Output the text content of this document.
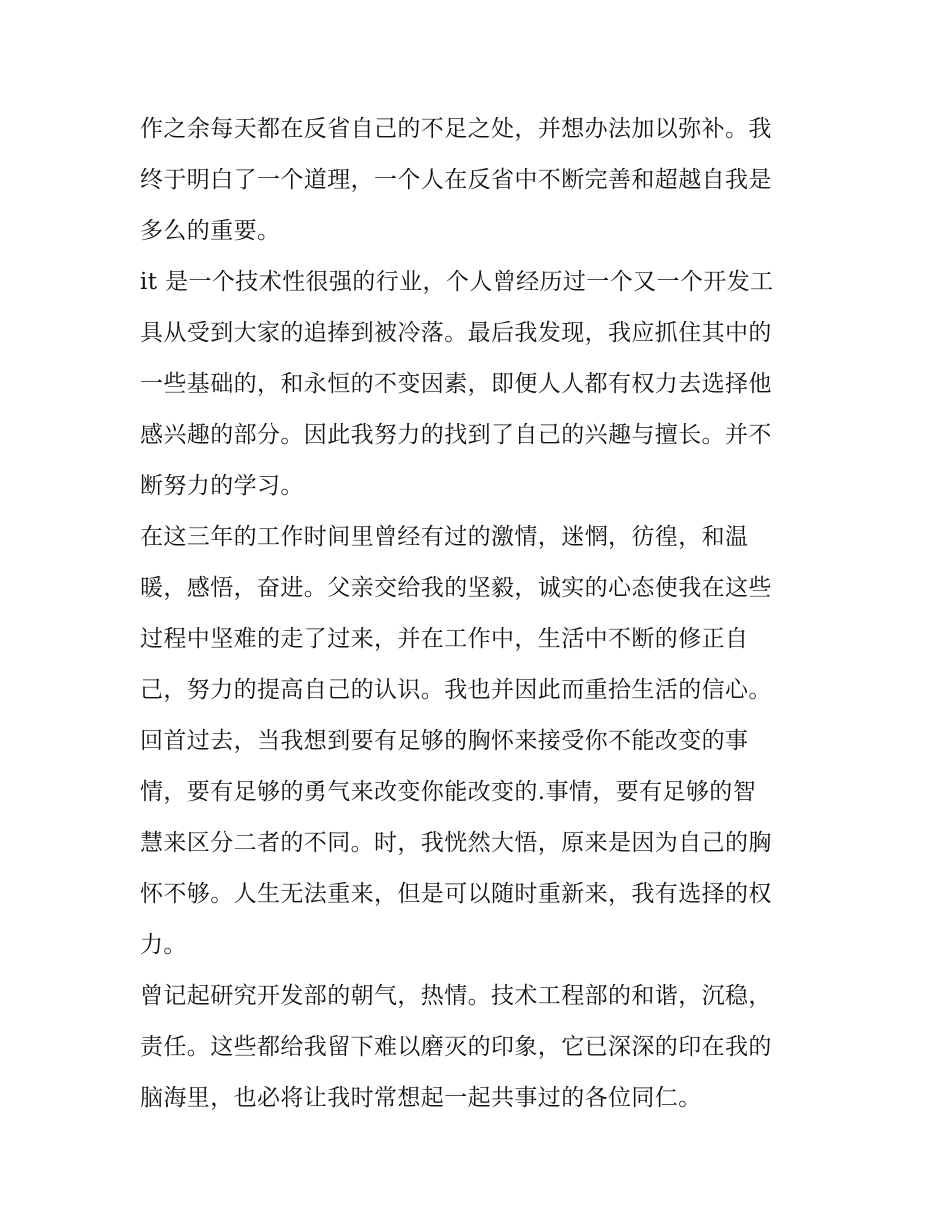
作之余每天都在反省自己的不足之处，并想办法加以弥补。我
终于明白了一个道理，一个人在反省中不断完善和超越自我是
多么的重要。
it 是一个技术性很强的行业，个人曾经历过一个又一个开发工
具从受到大家的追捧到被冷落。最后我发现，我应抓住其中的
一些基础的，和永恒的不变因素，即便人人都有权力去选择他
感兴趣的部分。因此我努力的找到了自己的兴趣与擅长。并不
断努力的学习。
在这三年的工作时间里曾经有过的激情，迷惘，彷徨，和温
暖，感悟，奋进。父亲交给我的坚毅，诚实的心态使我在这些
过程中坚难的走了过来，并在工作中，生活中不断的修正自
己，努力的提高自己的认识。我也并因此而重拾生活的信心。
回首过去，当我想到要有足够的胸怀来接受你不能改变的事
情，要有足够的勇气来改变你能改变的.事情，要有足够的智
慧来区分二者的不同。时，我恍然大悟，原来是因为自己的胸
怀不够。人生无法重来，但是可以随时重新来，我有选择的权
力。
曾记起研究开发部的朝气，热情。技术工程部的和谐，沉稳，
责任。这些都给我留下难以磨灭的印象，它已深深的印在我的
脑海里，也必将让我时常想起一起共事过的各位同仁。
